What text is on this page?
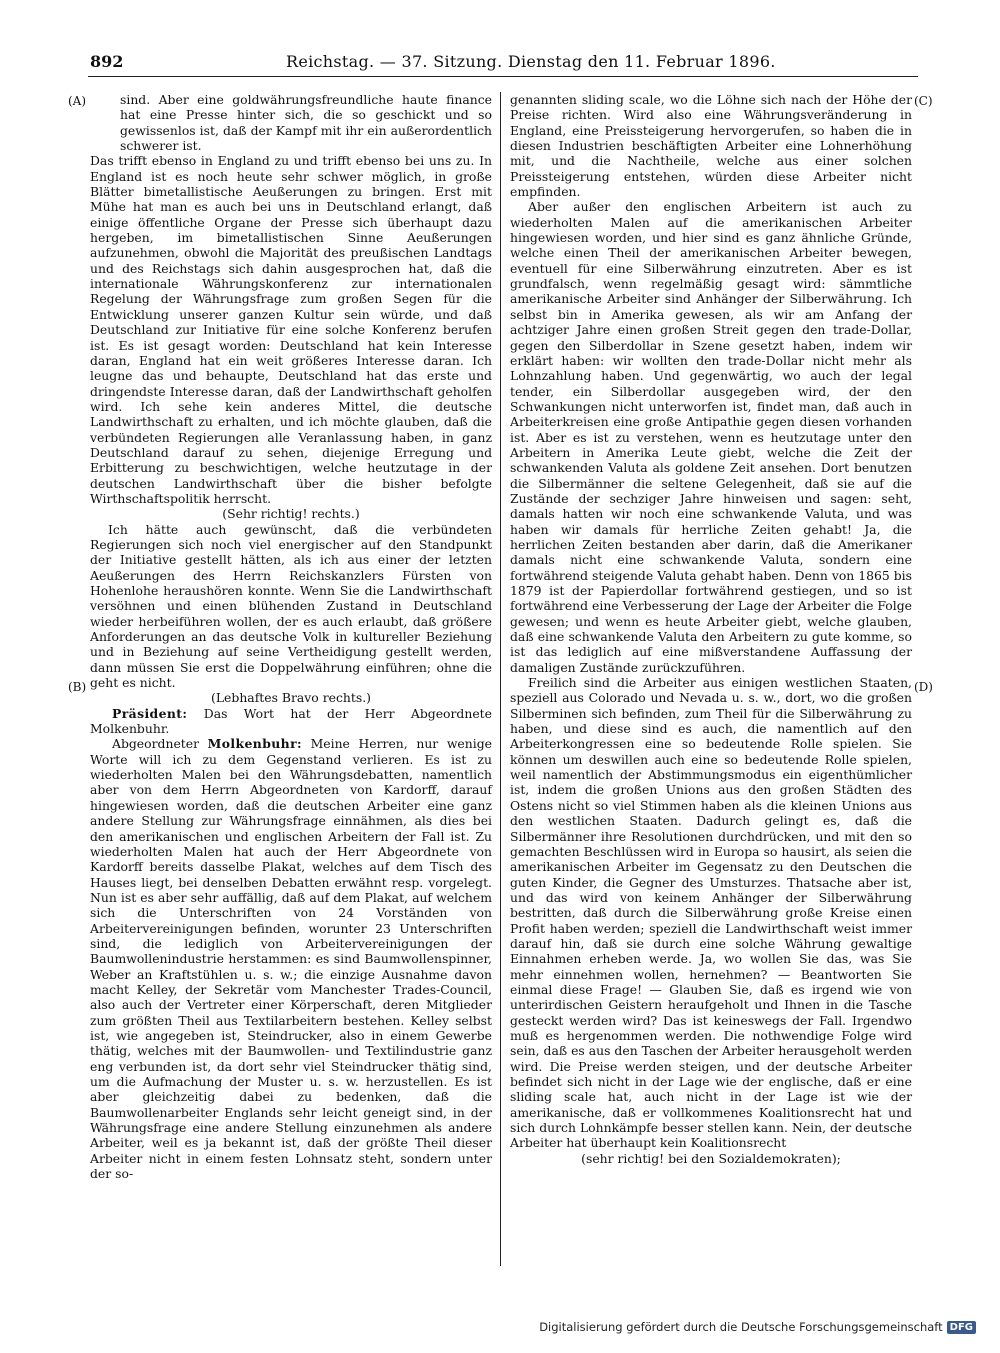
892	Reichstag. — 37. Sitzung. Dienstag den 11. Februar 1896.
(A)
(B)
(C)
(D)

sind. Aber eine goldwährungsfreundliche haute finance hat eine Presse hinter sich, die so geschickt und so gewissenlos ist, daß der Kampf mit ihr ein außerordentlich schwerer ist.

Das trifft ebenso in England zu und trifft ebenso bei uns zu. In England ist es noch heute sehr schwer möglich, in große Blätter bimetallistische Aeußerungen zu bringen. Erst mit Mühe hat man es auch bei uns in Deutschland erlangt, daß einige öffentliche Organe der Presse sich überhaupt dazu hergeben, im bimetallistischen Sinne Aeußerungen aufzunehmen, obwohl die Majorität des preußischen Landtags und des Reichstags sich dahin ausgesprochen hat, daß die internationale Währungskonferenz zur internationalen Regelung der Währungsfrage zum großen Segen für die Entwicklung unserer ganzen Kultur sein würde, und daß Deutschland zur Initiative für eine solche Konferenz berufen ist. Es ist gesagt worden: Deutschland hat kein Interesse daran, England hat ein weit größeres Interesse daran. Ich leugne das und behaupte, Deutschland hat das erste und dringendste Interesse daran, daß der Landwirthschaft geholfen wird. Ich sehe kein anderes Mittel, die deutsche Landwirthschaft zu erhalten, und ich möchte glauben, daß die verbündeten Regierungen alle Veranlassung haben, in ganz Deutschland darauf zu sehen, diejenige Erregung und Erbitterung zu beschwichtigen, welche heutzutage in der deutschen Landwirthschaft über die bisher befolgte Wirthschaftspolitik herrscht.

(Sehr richtig! rechts.)

Ich hätte auch gewünscht, daß die verbündeten Regierungen sich noch viel energischer auf den Standpunkt der Initiative gestellt hätten, als ich aus einer der letzten Aeußerungen des Herrn Reichskanzlers Fürsten von Hohenlohe heraushören konnte. Wenn Sie die Landwirthschaft versöhnen und einen blühenden Zustand in Deutschland wieder herbeiführen wollen, der es auch erlaubt, daß größere Anforderungen an das deutsche Volk in kultureller Beziehung und in Beziehung auf seine Vertheidigung gestellt werden, dann müssen Sie erst die Doppelwährung einführen; ohne die geht es nicht.

(Lebhaftes Bravo rechts.)

Präsident: Das Wort hat der Herr Abgeordnete Molkenbuhr.

Abgeordneter Molkenbuhr: Meine Herren, nur wenige Worte will ich zu dem Gegenstand verlieren. Es ist zu wiederholten Malen bei den Währungsdebatten, namentlich aber von dem Herrn Abgeordneten von Kardorff, darauf hingewiesen worden, daß die deutschen Arbeiter eine ganz andere Stellung zur Währungsfrage einnähmen, als dies bei den amerikanischen und englischen Arbeitern der Fall ist. Zu wiederholten Malen hat auch der Herr Abgeordnete von Kardorff bereits dasselbe Plakat, welches auf dem Tisch des Hauses liegt, bei denselben Debatten erwähnt resp. vorgelegt. Nun ist es aber sehr auffällig, daß auf dem Plakat, auf welchem sich die Unterschriften von 24 Vorständen von Arbeitervereinigungen befinden, worunter 23 Unterschriften sind, die lediglich von Arbeitervereinigungen der Baumwollenindustrie herstammen: es sind Baumwollenspinner, Weber an Kraftstühlen u. s. w.; die einzige Ausnahme davon macht Kelley, der Sekretär vom Manchester Trades-Council, also auch der Vertreter einer Körperschaft, deren Mitglieder zum größten Theil aus Textilarbeitern bestehen. Kelley selbst ist, wie angegeben ist, Steindrucker, also in einem Gewerbe thätig, welches mit der Baumwollen- und Textilindustrie ganz eng verbunden ist, da dort sehr viel Steindrucker thätig sind, um die Aufmachung der Muster u. s. w. herzustellen. Es ist aber gleichzeitig dabei zu bedenken, daß die Baumwollenarbeiter Englands sehr leicht geneigt sind, in der Währungsfrage eine andere Stellung einzunehmen als andere Arbeiter, weil es ja bekannt ist, daß der größte Theil dieser Arbeiter nicht in einem festen Lohnsatz steht, sondern unter der so-

genannten sliding scale, wo die Löhne sich nach der Höhe der Preise richten. Wird also eine Währungsveränderung in England, eine Preissteigerung hervorgerufen, so haben die in diesen Industrien beschäftigten Arbeiter eine Lohnerhöhung mit, und die Nachtheile, welche aus einer solchen Preissteigerung entstehen, würden diese Arbeiter nicht empfinden.

Aber außer den englischen Arbeitern ist auch zu wiederholten Malen auf die amerikanischen Arbeiter hingewiesen worden, und hier sind es ganz ähnliche Gründe, welche einen Theil der amerikanischen Arbeiter bewegen, eventuell für eine Silberwährung einzutreten. Aber es ist grundfalsch, wenn regelmäßig gesagt wird: sämmtliche amerikanische Arbeiter sind Anhänger der Silberwährung. Ich selbst bin in Amerika gewesen, als wir am Anfang der achtziger Jahre einen großen Streit gegen den trade-Dollar, gegen den Silberdollar in Szene gesetzt haben, indem wir erklärt haben: wir wollten den trade-Dollar nicht mehr als Lohnzahlung haben. Und gegenwärtig, wo auch der legal tender, ein Silberdollar ausgegeben wird, der den Schwankungen nicht unterworfen ist, findet man, daß auch in Arbeiterkreisen eine große Antipathie gegen diesen vorhanden ist. Aber es ist zu verstehen, wenn es heutzutage unter den Arbeitern in Amerika Leute giebt, welche die Zeit der schwankenden Valuta als goldene Zeit ansehen. Dort benutzen die Silbermänner die seltene Gelegenheit, daß sie auf die Zustände der sechziger Jahre hinweisen und sagen: seht, damals hatten wir noch eine schwankende Valuta, und was haben wir damals für herrliche Zeiten gehabt! Ja, die herrlichen Zeiten bestanden aber darin, daß die Amerikaner damals nicht eine schwankende Valuta, sondern eine fortwährend steigende Valuta gehabt haben. Denn von 1865 bis 1879 ist der Papierdollar fortwährend gestiegen, und so ist fortwährend eine Verbesserung der Lage der Arbeiter die Folge gewesen; und wenn es heute Arbeiter giebt, welche glauben, daß eine schwankende Valuta den Arbeitern zu gute komme, so ist das lediglich auf eine mißverstandene Auffassung der damaligen Zustände zurückzuführen.

Freilich sind die Arbeiter aus einigen westlichen Staaten, speziell aus Colorado und Nevada u. s. w., dort, wo die großen Silberminen sich befinden, zum Theil für die Silberwährung zu haben, und diese sind es auch, die namentlich auf den Arbeiterkongressen eine so bedeutende Rolle spielen. Sie können um deswillen auch eine so bedeutende Rolle spielen, weil namentlich der Abstimmungsmodus ein eigenthümlicher ist, indem die großen Unions aus den großen Städten des Ostens nicht so viel Stimmen haben als die kleinen Unions aus den westlichen Staaten. Dadurch gelingt es, daß die Silbermänner ihre Resolutionen durchdrücken, und mit den so gemachten Beschlüssen wird in Europa so hausirt, als seien die amerikanischen Arbeiter im Gegensatz zu den Deutschen die guten Kinder, die Gegner des Umsturzes. Thatsache aber ist, und das wird von keinem Anhänger der Silberwährung bestritten, daß durch die Silberwährung große Kreise einen Profit haben werden; speziell die Landwirthschaft weist immer darauf hin, daß sie durch eine solche Währung gewaltige Einnahmen erheben werde. Ja, wo wollen Sie das, was Sie mehr einnehmen wollen, hernehmen? — Beantworten Sie einmal diese Frage! — Glauben Sie, daß es irgend wie von unterirdischen Geistern heraufgeholt und Ihnen in die Tasche gesteckt werden wird? Das ist keineswegs der Fall. Irgendwo muß es hergenommen werden. Die nothwendige Folge wird sein, daß es aus den Taschen der Arbeiter herausgeholt werden wird. Die Preise werden steigen, und der deutsche Arbeiter befindet sich nicht in der Lage wie der englische, daß er eine sliding scale hat, auch nicht in der Lage ist wie der amerikanische, daß er vollkommenes Koalitionsrecht hat und sich durch Lohnkämpfe besser stellen kann. Nein, der deutsche Arbeiter hat überhaupt kein Koalitionsrecht

(sehr richtig! bei den Sozialdemokraten);

Digitalisierung gefördert durch die Deutsche Forschungsgemeinschaft DFG
